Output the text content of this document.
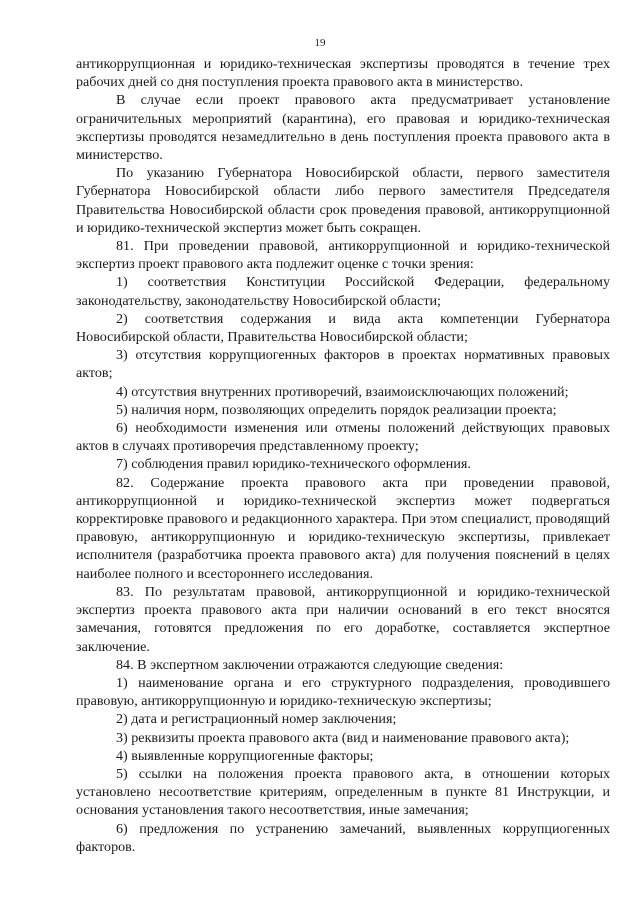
19

антикоррупционная и юридико-техническая экспертизы проводятся в течение трех рабочих дней со дня поступления проекта правового акта в министерство.

В случае если проект правового акта предусматривает установление ограничительных мероприятий (карантина), его правовая и юридико-техническая экспертизы проводятся незамедлительно в день поступления проекта правового акта в министерство.

По указанию Губернатора Новосибирской области, первого заместителя Губернатора Новосибирской области либо первого заместителя Председателя Правительства Новосибирской области срок проведения правовой, антикоррупционной и юридико-технической экспертиз может быть сокращен.

81. При проведении правовой, антикоррупционной и юридико-технической экспертиз проект правового акта подлежит оценке с точки зрения:

1) соответствия Конституции Российской Федерации, федеральному законодательству, законодательству Новосибирской области;

2) соответствия содержания и вида акта компетенции Губернатора Новосибирской области, Правительства Новосибирской области;

3) отсутствия коррупциогенных факторов в проектах нормативных правовых актов;

4) отсутствия внутренних противоречий, взаимоисключающих положений;

5) наличия норм, позволяющих определить порядок реализации проекта;

6) необходимости изменения или отмены положений действующих правовых актов в случаях противоречия представленному проекту;

7) соблюдения правил юридико-технического оформления.

82. Содержание проекта правового акта при проведении правовой, антикоррупционной и юридико-технической экспертиз может подвергаться корректировке правового и редакционного характера. При этом специалист, проводящий правовую, антикоррупционную и юридико-техническую экспертизы, привлекает исполнителя (разработчика проекта правового акта) для получения пояснений в целях наиболее полного и всестороннего исследования.

83. По результатам правовой, антикоррупционной и юридико-технической экспертиз проекта правового акта при наличии оснований в его текст вносятся замечания, готовятся предложения по его доработке, составляется экспертное заключение.

84. В экспертном заключении отражаются следующие сведения:

1) наименование органа и его структурного подразделения, проводившего правовую, антикоррупционную и юридико-техническую экспертизы;

2) дата и регистрационный номер заключения;

3) реквизиты проекта правового акта (вид и наименование правового акта);

4) выявленные коррупциогенные факторы;

5) ссылки на положения проекта правового акта, в отношении которых установлено несоответствие критериям, определенным в пункте 81 Инструкции, и основания установления такого несоответствия, иные замечания;

6) предложения по устранению замечаний, выявленных коррупциогенных факторов.
